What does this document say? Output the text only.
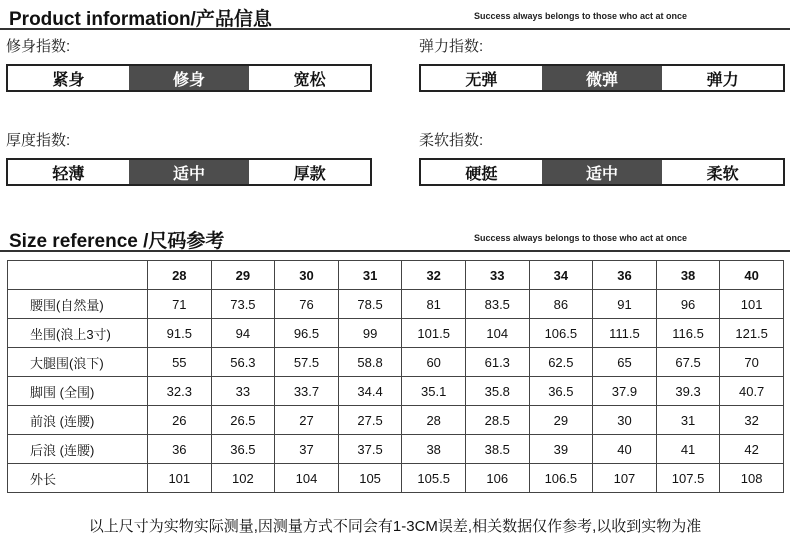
Product information/产品信息	Success always belongs to those who act at once
修身指数:
紧身	修身	宽松
弹力指数:
无弹	微弹	弹力
厚度指数:
轻薄	适中	厚款
柔软指数:
硬挺	适中	柔软
Size reference /尺码参考	Success always belongs to those who act at once
	28	29	30	31	32	33	34	36	38	40
腰围(自然量)	71	73.5	76	78.5	81	83.5	86	91	96	101
坐围(浪上3寸)	91.5	94	96.5	99	101.5	104	106.5	111.5	116.5	121.5
大腿围(浪下)	55	56.3	57.5	58.8	60	61.3	62.5	65	67.5	70
脚围 (全围)	32.3	33	33.7	34.4	35.1	35.8	36.5	37.9	39.3	40.7
前浪 (连腰)	26	26.5	27	27.5	28	28.5	29	30	31	32
后浪 (连腰)	36	36.5	37	37.5	38	38.5	39	40	41	42
外长	101	102	104	105	105.5	106	106.5	107	107.5	108
以上尺寸为实物实际测量,因测量方式不同会有1-3CM误差,相关数据仅作参考,以收到实物为准
